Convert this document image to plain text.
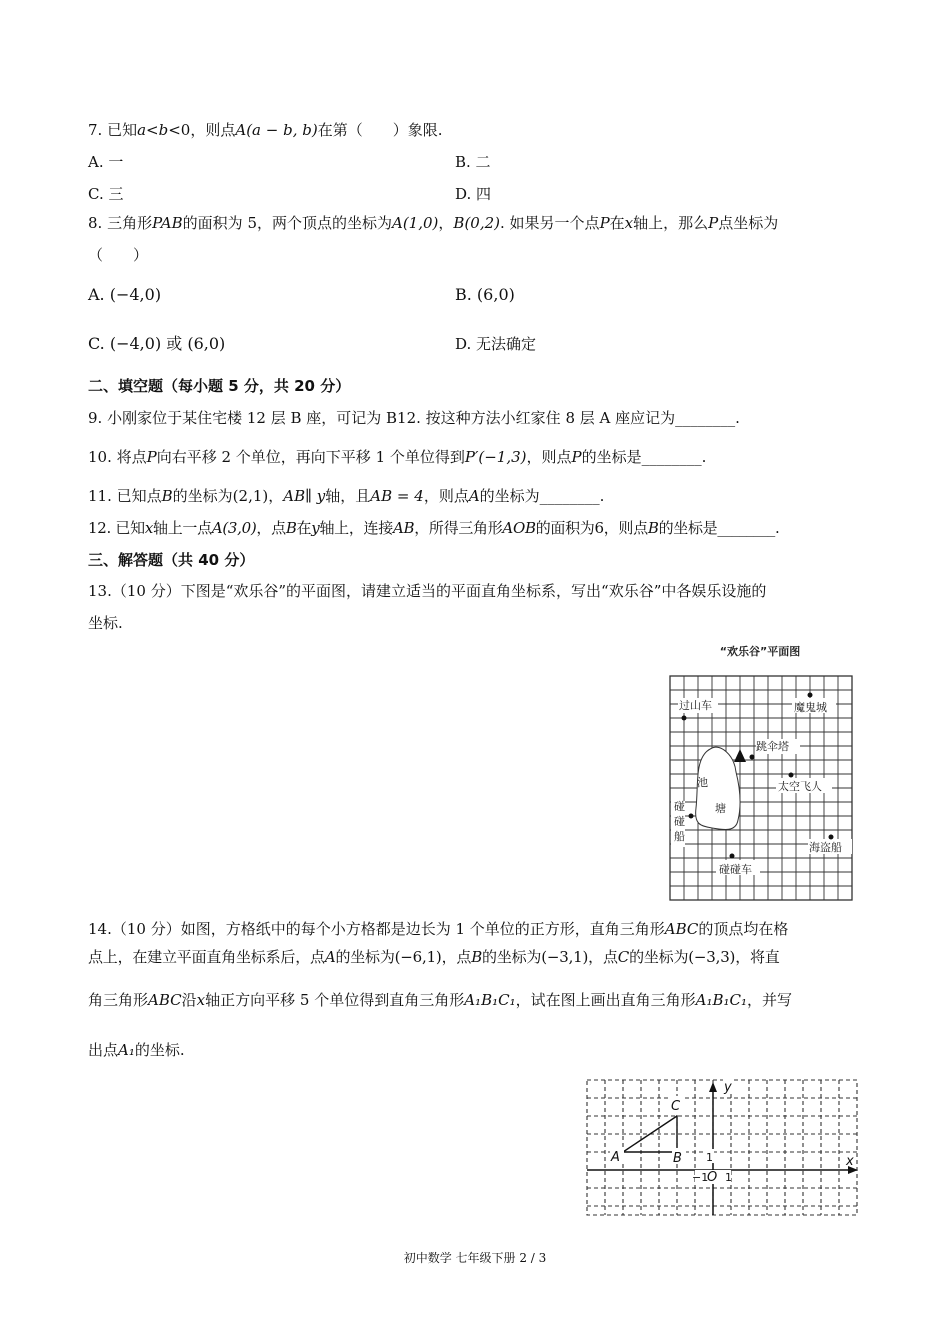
7. 已知a<b<0，则点A(a − b, b)在第（　　）象限.
A. 一	B. 二
C. 三	D. 四
8. 三角形PAB的面积为 5，两个顶点的坐标为A(1,0)，B(0,2). 如果另一个点P在x轴上，那么P点坐标为
（　　）
A. (−4,0)	B. (6,0)
C. (−4,0) 或 (6,0)	D. 无法确定
二、填空题（每小题 5 分，共 20 分）
9. 小刚家位于某住宅楼 12 层 B 座，可记为 B12. 按这种方法小红家住 8 层 A 座应记为________.
10. 将点P向右平移 2 个单位，再向下平移 1 个单位得到P′(−1,3)，则点P的坐标是________.
11. 已知点B的坐标为(2,1)，AB∥ y轴，且AB = 4，则点A的坐标为________.
12. 已知x轴上一点A(3,0)，点B在y轴上，连接AB，所得三角形AOB的面积为6，则点B的坐标是________.
三、解答题（共 40 分）
13.（10 分）下图是“欢乐谷”的平面图，请建立适当的平面直角坐标系，写出“欢乐谷”中各娱乐设施的
坐标.
“欢乐谷”平面图
过山车	魔鬼城
跳伞塔
池
塘
太空飞人
碰
碰
船
海盗船
碰碰车
14.（10 分）如图，方格纸中的每个小方格都是边长为 1 个单位的正方形，直角三角形ABC的顶点均在格
点上，在建立平面直角坐标系后，点A的坐标为(−6,1)，点B的坐标为(−3,1)，点C的坐标为(−3,3)，将直
角三角形ABC沿x轴正方向平移 5 个单位得到直角三角形A₁B₁C₁，试在图上画出直角三角形A₁B₁C₁，并写
出点A₁的坐标.
y
x
C
A	B 1
−1
O 1
初中数学 七年级下册 2 / 3
